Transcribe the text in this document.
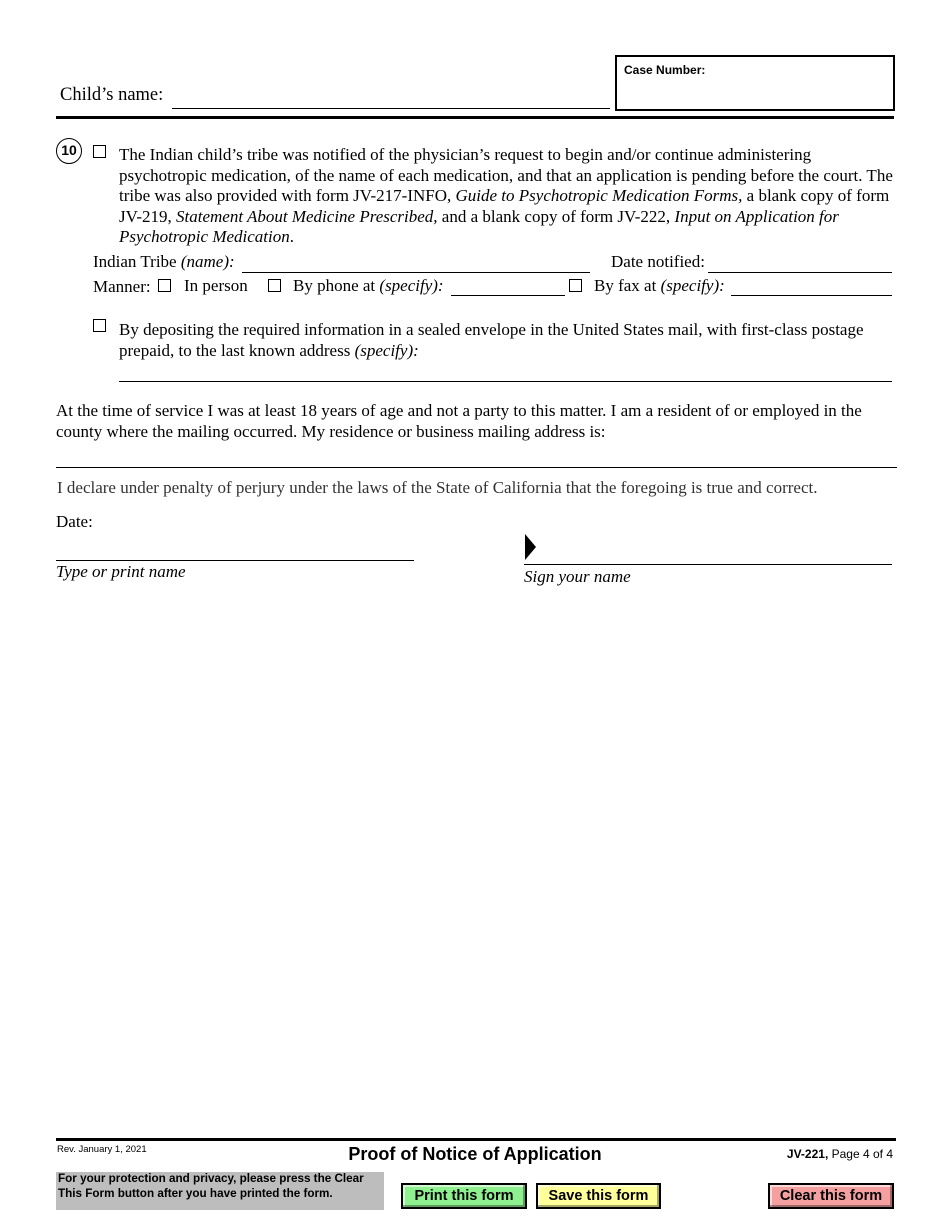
Child’s name:
Case Number:
10	The Indian child’s tribe was notified of the physician’s request to begin and/or continue administering psychotropic medication, of the name of each medication, and that an application is pending before the court. The tribe was also provided with form JV-217-INFO, Guide to Psychotropic Medication Forms, a blank copy of form JV-219, Statement About Medicine Prescribed, and a blank copy of form JV-222, Input on Application for Psychotropic Medication.
Indian Tribe (name):	Date notified:
Manner: In person	By phone at (specify):	By fax at (specify):
By depositing the required information in a sealed envelope in the United States mail, with first-class postage prepaid, to the last known address (specify):
At the time of service I was at least 18 years of age and not a party to this matter. I am a resident of or employed in the county where the mailing occurred. My residence or business mailing address is:
I declare under penalty of perjury under the laws of the State of California that the foregoing is true and correct.
Date:
Type or print name	Sign your name
Rev. January 1, 2021	Proof of Notice of Application	JV-221, Page 4 of 4
For your protection and privacy, please press the Clear This Form button after you have printed the form.	Print this form	Save this form	Clear this form
